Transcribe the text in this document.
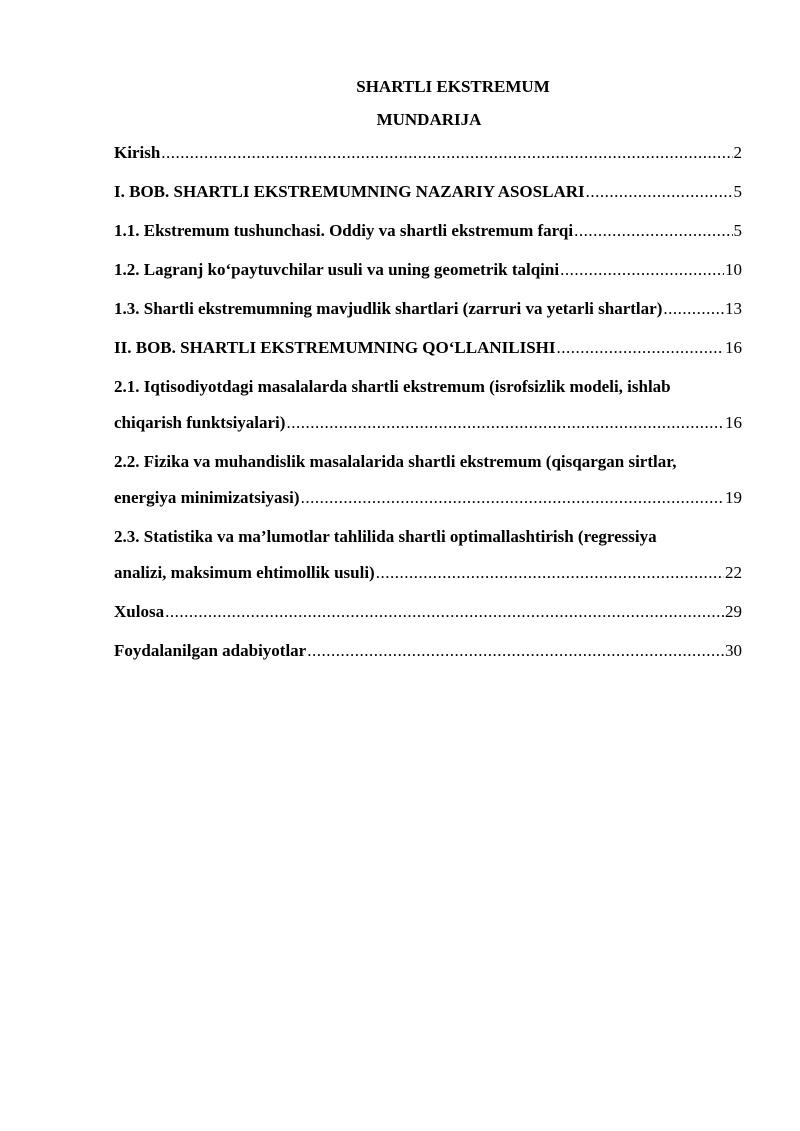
SHARTLI EKSTREMUM

MUNDARIJA

Kirish .....	2
I. BOB. SHARTLI EKSTREMUMNING NAZARIY ASOSLARI .....	5
1.1. Ekstremum tushunchasi. Oddiy va shartli ekstremum farqi .....	5
1.2. Lagranj ko‘paytuvchilar usuli va uning geometrik talqini .....	10
1.3. Shartli ekstremumning mavjudlik shartlari (zarruri va yetarli shartlar) .....	13
II. BOB. SHARTLI EKSTREMUMNING QO‘LLANILISHI .....	16
2.1. Iqtisodiyotdagi masalalarda shartli ekstremum (isrofsizlik modeli, ishlab
chiqarish funktsiyalari) .....	16
2.2. Fizika va muhandislik masalalarida shartli ekstremum (qisqargan sirtlar,
energiya minimizatsiyasi) .....	19
2.3. Statistika va ma’lumotlar tahlilida shartli optimallashtirish (regressiya
analizi, maksimum ehtimollik usuli) .....	22
Xulosa .....	29
Foydalanilgan adabiyotlar .....	30
